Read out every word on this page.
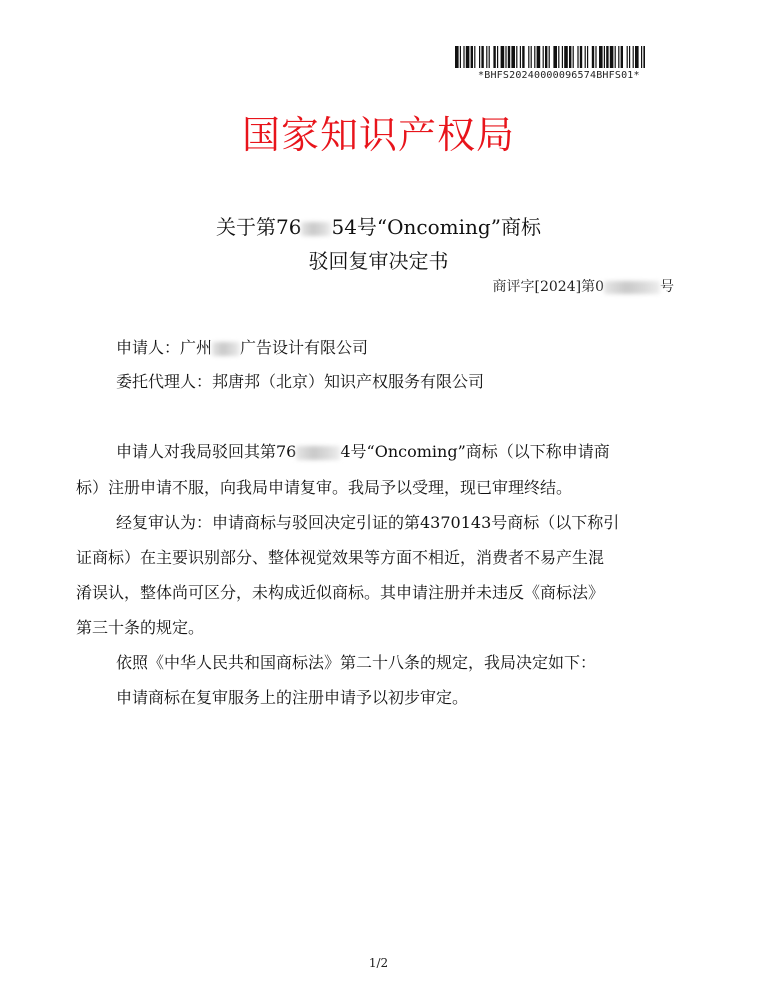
*BHFS20240000096574BHFS01*
国家知识产权局
关于第76 54号“Oncoming”商标
驳回复审决定书
商评字[2024]第0	号
申请人：广州 广告设计有限公司
委托代理人：邦唐邦（北京）知识产权服务有限公司
申请人对我局驳回其第76	4号“Oncoming”商标（以下称申请商
标）注册申请不服，向我局申请复审。我局予以受理，现已审理终结。
经复审认为：申请商标与驳回决定引证的第4370143号商标（以下称引
证商标）在主要识别部分、整体视觉效果等方面不相近，消费者不易产生混
淆误认，整体尚可区分，未构成近似商标。其申请注册并未违反《商标法》
第三十条的规定。
依照《中华人民共和国商标法》第二十八条的规定，我局决定如下：
申请商标在复审服务上的注册申请予以初步审定。
1/2
